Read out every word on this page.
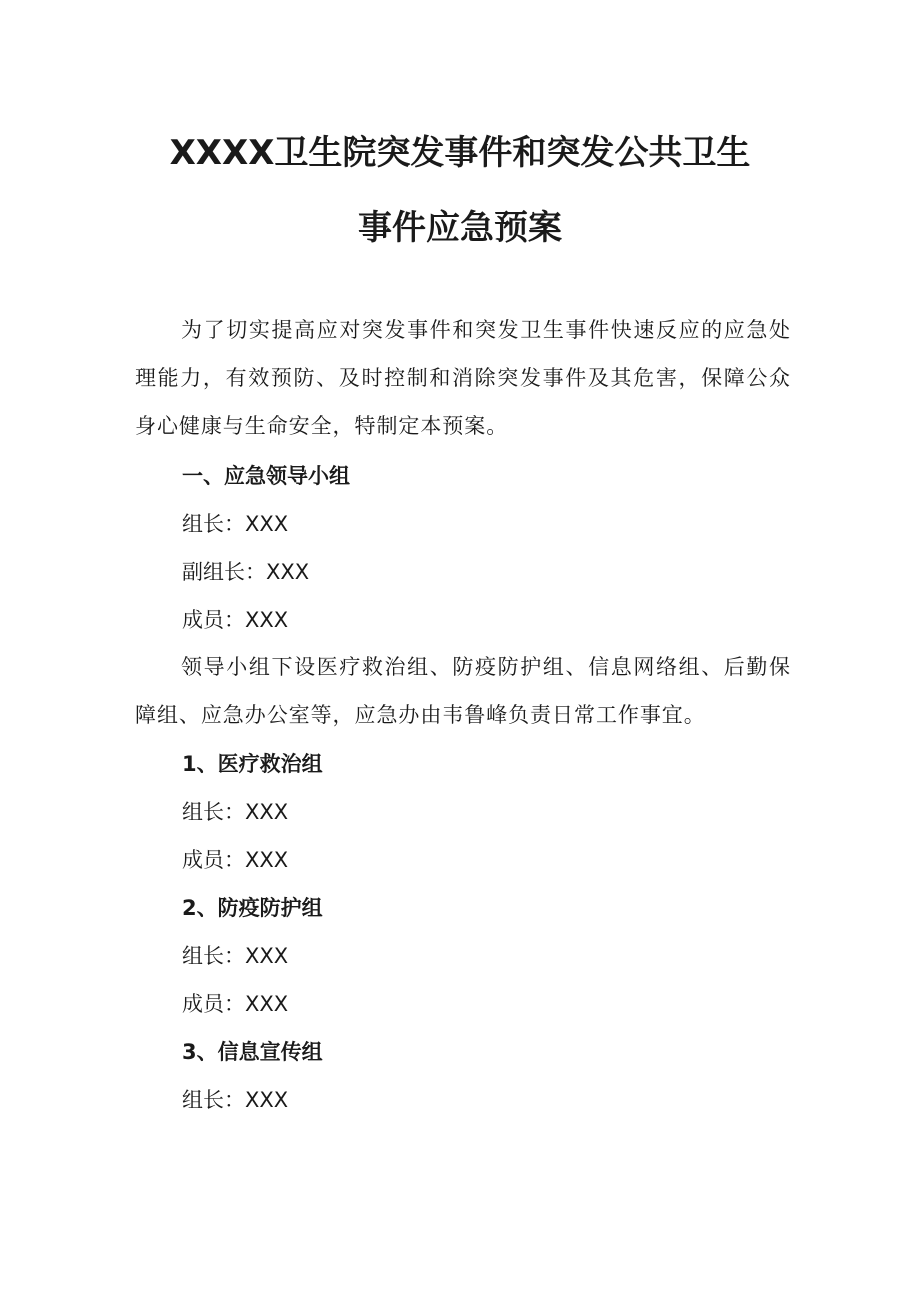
XXXX卫生院突发事件和突发公共卫生
事件应急预案
为了切实提高应对突发事件和突发卫生事件快速反应的应急处理能力，有效预防、及时控制和消除突发事件及其危害，保障公众身心健康与生命安全，特制定本预案。
一、应急领导小组
组长：XXX
副组长：XXX
成员：XXX
领导小组下设医疗救治组、防疫防护组、信息网络组、后勤保障组、应急办公室等，应急办由韦鲁峰负责日常工作事宜。
1、医疗救治组
组长：XXX
成员：XXX
2、防疫防护组
组长：XXX
成员：XXX
3、信息宣传组
组长：XXX
